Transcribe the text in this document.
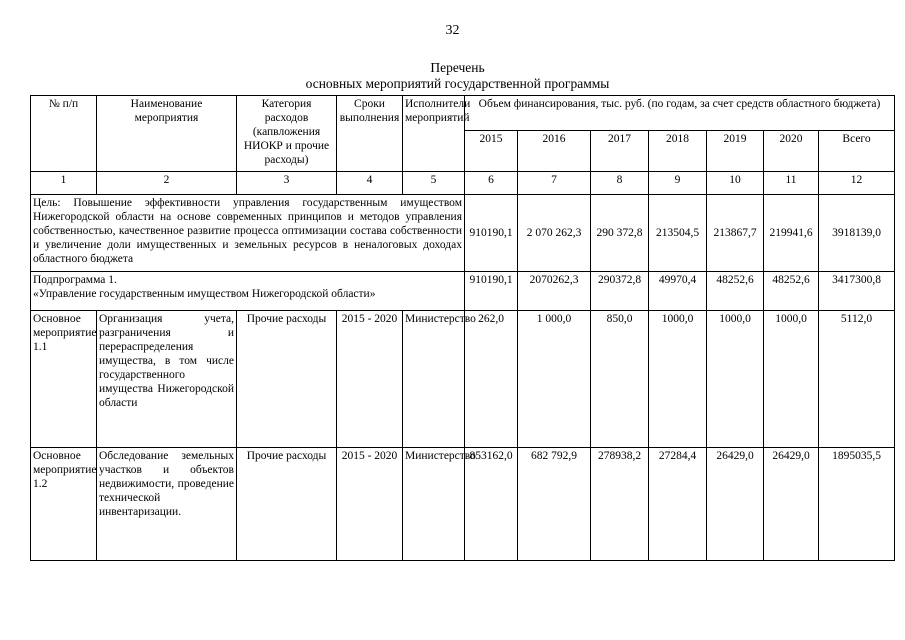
32
Перечень
основных мероприятий государственной программы
№ п/п	Наименование мероприятия	Категория расходов (капвложения НИОКР и прочие расходы)	Сроки выполнения	Исполнители мероприятий	Объем финансирования, тыс. руб. (по годам, за счет средств областного бюджета)						
					2015	2016	2017	2018	2019	2020	Всего
1	2	3	4	5	6	7	8	9	10	11	12
Цель: Повышение эффективности управления государственным имуществом Нижегородской области на основе современных принципов и методов управления собственностью, качественное развитие процесса оптимизации состава собственности и увеличение доли имущественных и земельных ресурсов в неналоговых доходах областного бюджета					910190,1	2 070 262,3	290 372,8	213504,5	213867,7	219941,6	3918139,0

Подпрограмма 1.
«Управление государственным имуществом Нижегородской области»					910190,1	2070262,3	290372,8	49970,4	48252,6	48252,6	3417300,8
Основное мероприятие 1.1	Организация учета, разграничения и перераспределения имущества, в том числе государственного имущества Нижегородской области	Прочие расходы	2015 - 2020	Министерство	262,0	1 000,0	850,0	1000,0	1000,0	1000,0	5112,0
Основное мероприятие 1.2	Обследование земельных участков и объектов недвижимости, проведение технической инвентаризации.	Прочие расходы	2015 - 2020	Министерство	853162,0	682 792,9	278938,2	27284,4	26429,0	26429,0	1895035,5
